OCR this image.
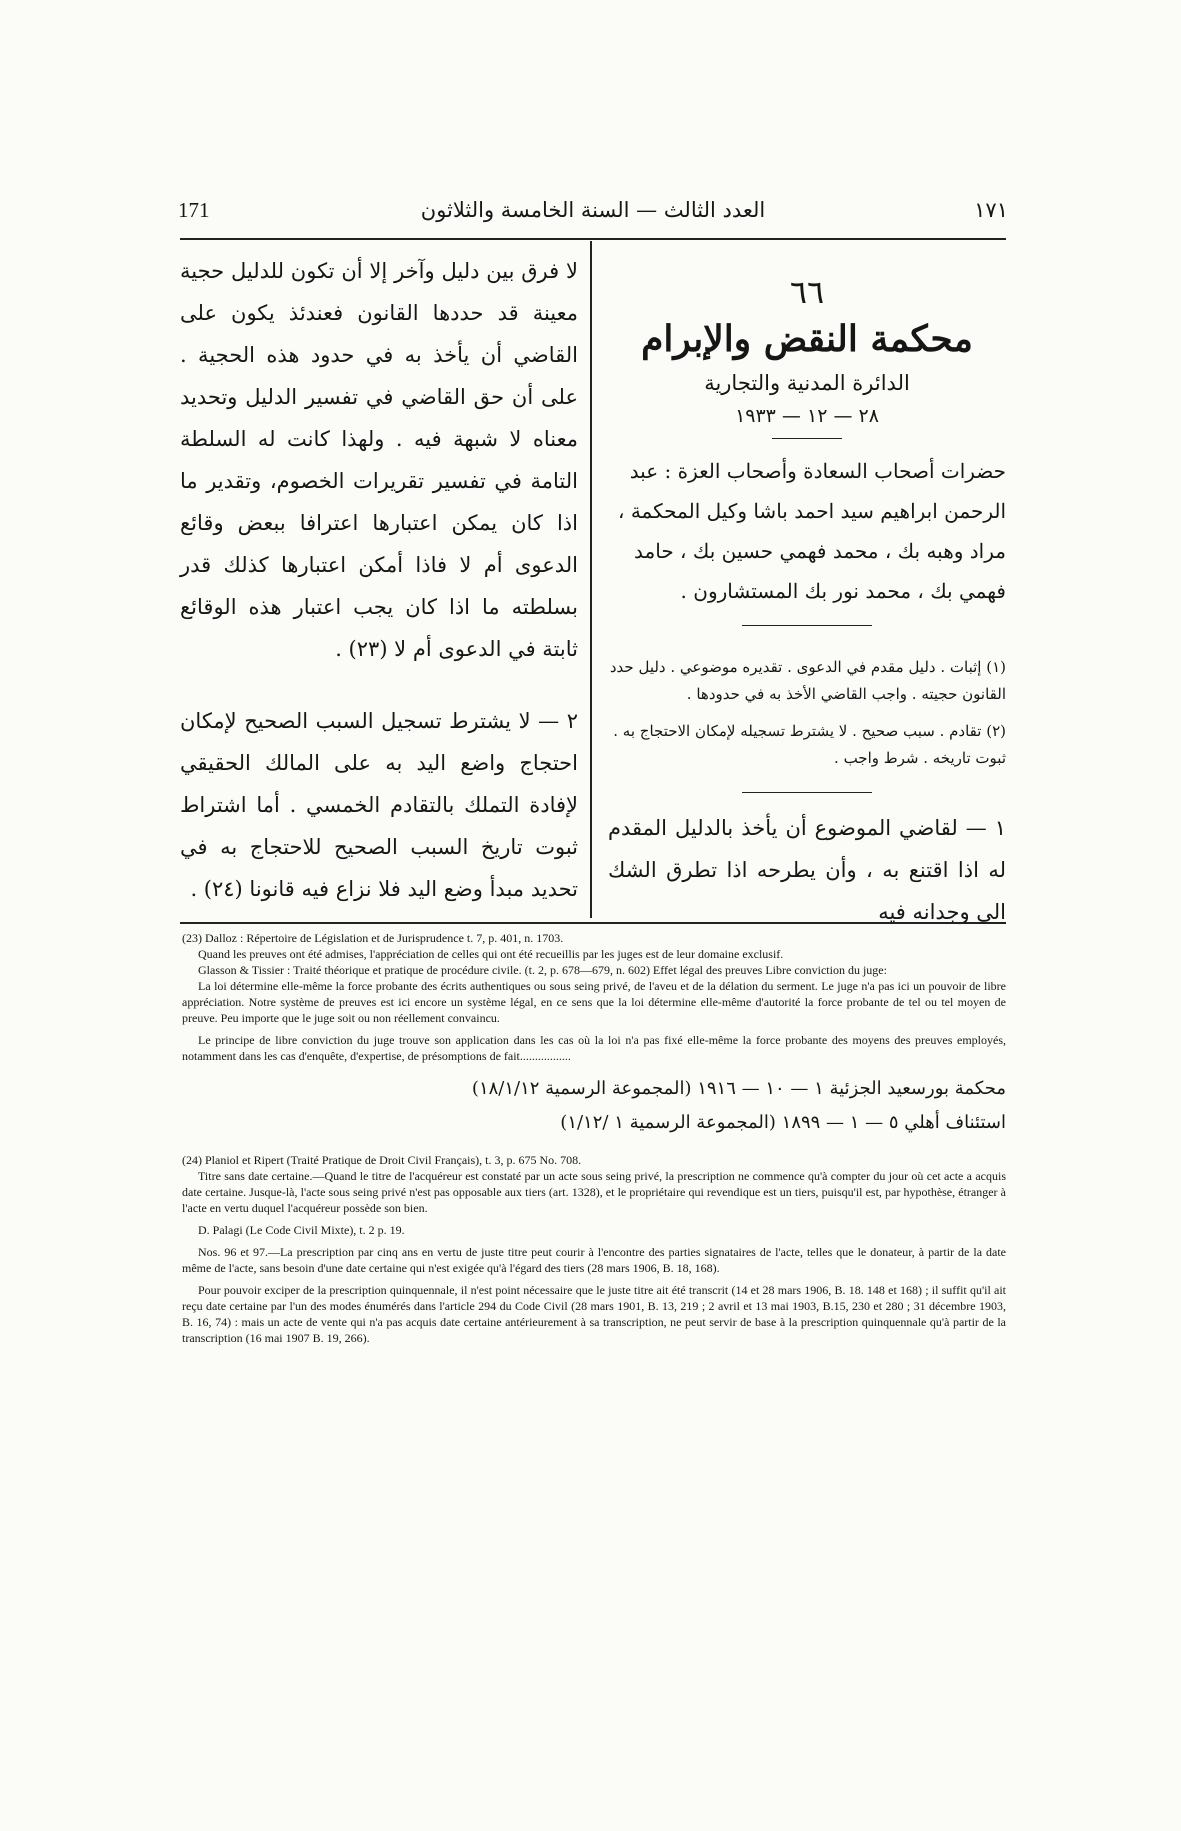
171	العدد الثالث — السنة الخامسة والثلاثون	١٧١
٦٦
محكمة النقض والإبرام
الدائرة المدنية والتجارية
٢٨ — ١٢ — ١٩٣٣

حضرات أصحاب السعادة وأصحاب العزة : عبد الرحمن ابراهيم سيد احمد باشا وكيل المحكمة ، مراد وهبه بك ، محمد فهمي حسين بك ، حامد فهمي بك ، محمد نور بك المستشارون .

(١) إثبات . دليل مقدم في الدعوى . تقديره موضوعي . دليل حدد القانون حجيته . واجب القاضي الأخذ به في حدودها .

(٢) تقادم . سبب صحيح . لا يشترط تسجيله لإمكان الاحتجاج به . ثبوت تاريخه . شرط واجب .

١ — لقاضي الموضوع أن يأخذ بالدليل المقدم له اذا اقتنع به ، وأن يطرحه اذا تطرق الشك الى وجدانه فيه

لا فرق بين دليل وآخر إلا أن تكون للدليل حجية معينة قد حددها القانون فعندئذ يكون على القاضي أن يأخذ به في حدود هذه الحجية . على أن حق القاضي في تفسير الدليل وتحديد معناه لا شبهة فيه . ولهذا كانت له السلطة التامة في تفسير تقريرات الخصوم، وتقدير ما اذا كان يمكن اعتبارها اعترافا ببعض وقائع الدعوى أم لا فاذا أمكن اعتبارها كذلك قدر بسلطته ما اذا كان يجب اعتبار هذه الوقائع ثابتة في الدعوى أم لا (٢٣) .

٢ — لا يشترط تسجيل السبب الصحيح لإمكان احتجاج واضع اليد به على المالك الحقيقي لإفادة التملك بالتقادم الخمسي . أما اشتراط ثبوت تاريخ السبب الصحيح للاحتجاج به في تحديد مبدأ وضع اليد فلا نزاع فيه قانونا (٢٤) .

(23) Dalloz : Répertoire de Législation et de Jurisprudence t. 7, p. 401, n. 1703.

Quand les preuves ont été admises, l'appréciation de celles qui ont été recueillis par les juges est de leur domaine exclusif.

Glasson & Tissier : Traité théorique et pratique de procédure civile. (t. 2, p. 678—679, n. 602) Effet légal des preuves Libre conviction du juge:

La loi détermine elle-même la force probante des écrits authentiques ou sous seing privé, de l'aveu et de la délation du serment. Le juge n'a pas ici un pouvoir de libre appréciation. Notre système de preuves est ici encore un système légal, en ce sens que la loi détermine elle-même d'autorité la force probante de tel ou tel moyen de preuve. Peu importe que le juge soit ou non réellement convaincu.

Le principe de libre conviction du juge trouve son application dans les cas où la loi n'a pas fixé elle-même la force probante des moyens des preuves employés, notamment dans les cas d'enquête, d'expertise, de présomptions de fait.................

محكمة بورسعيد الجزئية ١ — ١٠ — ١٩١٦ (المجموعة الرسمية ١٨/١/١٢)

استئناف أهلي ٥ — ١ — ١٨٩٩ (المجموعة الرسمية ١ /١/١٢)

(24) Planiol et Ripert (Traité Pratique de Droit Civil Français), t. 3, p. 675 No. 708.

Titre sans date certaine.—Quand le titre de l'acquéreur est constaté par un acte sous seing privé, la prescription ne commence qu'à compter du jour où cet acte a acquis date certaine. Jusque-là, l'acte sous seing privé n'est pas opposable aux tiers (art. 1328), et le propriétaire qui revendique est un tiers, puisqu'il est, par hypothèse, étranger à l'acte en vertu duquel l'acquéreur possède son bien.

D. Palagi (Le Code Civil Mixte), t. 2 p. 19.

Nos. 96 et 97.—La prescription par cinq ans en vertu de juste titre peut courir à l'encontre des parties signataires de l'acte, telles que le donateur, à partir de la date même de l'acte, sans besoin d'une date certaine qui n'est exigée qu'à l'égard des tiers (28 mars 1906, B. 18, 168).

Pour pouvoir exciper de la prescription quinquennale, il n'est point nécessaire que le juste titre ait été transcrit (14 et 28 mars 1906, B. 18. 148 et 168) ; il suffit qu'il ait reçu date certaine par l'un des modes énumérés dans l'article 294 du Code Civil (28 mars 1901, B. 13, 219 ; 2 avril et 13 mai 1903, B.15, 230 et 280 ; 31 décembre 1903, B. 16, 74) : mais un acte de vente qui n'a pas acquis date certaine antérieurement à sa transcription, ne peut servir de base à la prescription quinquennale qu'à partir de la transcription (16 mai 1907 B. 19, 266).
